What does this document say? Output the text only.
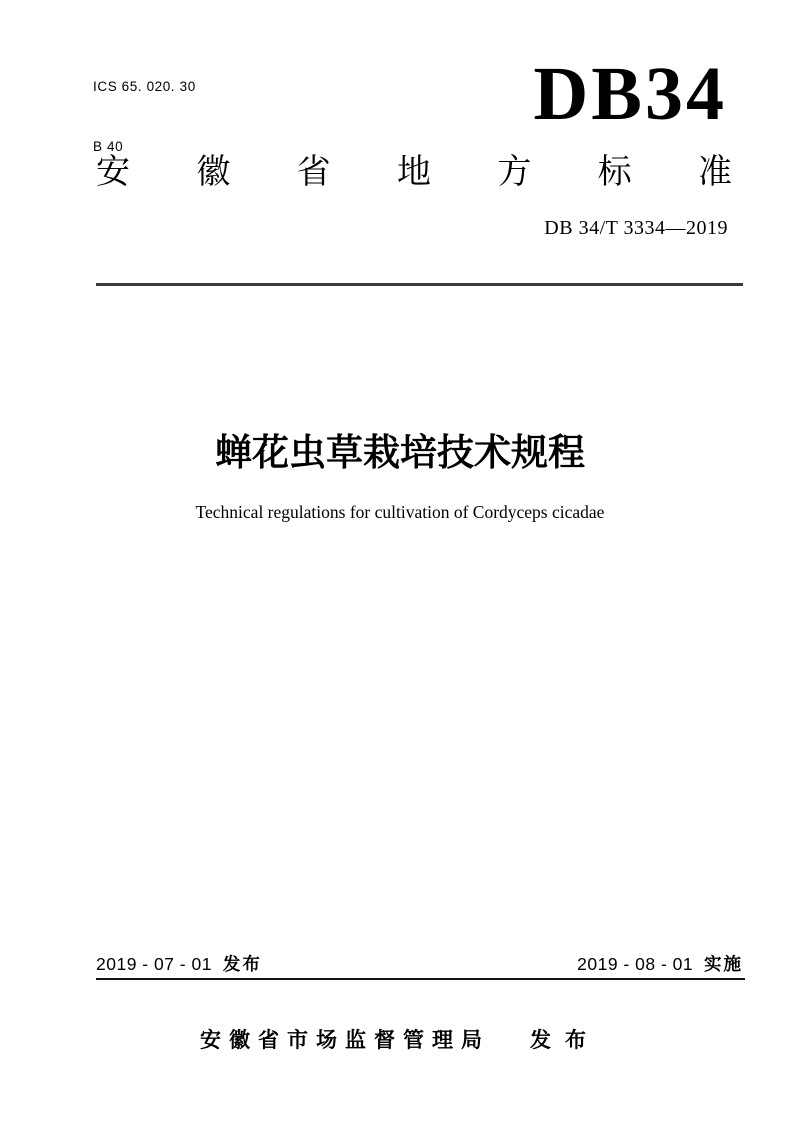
ICS 65. 020. 30

B 40

DB34
安 徽 省 地 方 标 准
DB 34/T 3334—2019
蝉花虫草栽培技术规程
Technical regulations for cultivation of Cordyceps cicadae
2019 - 07 - 01 发布	2019 - 08 - 01 实施
安徽省市场监督管理局 发布
